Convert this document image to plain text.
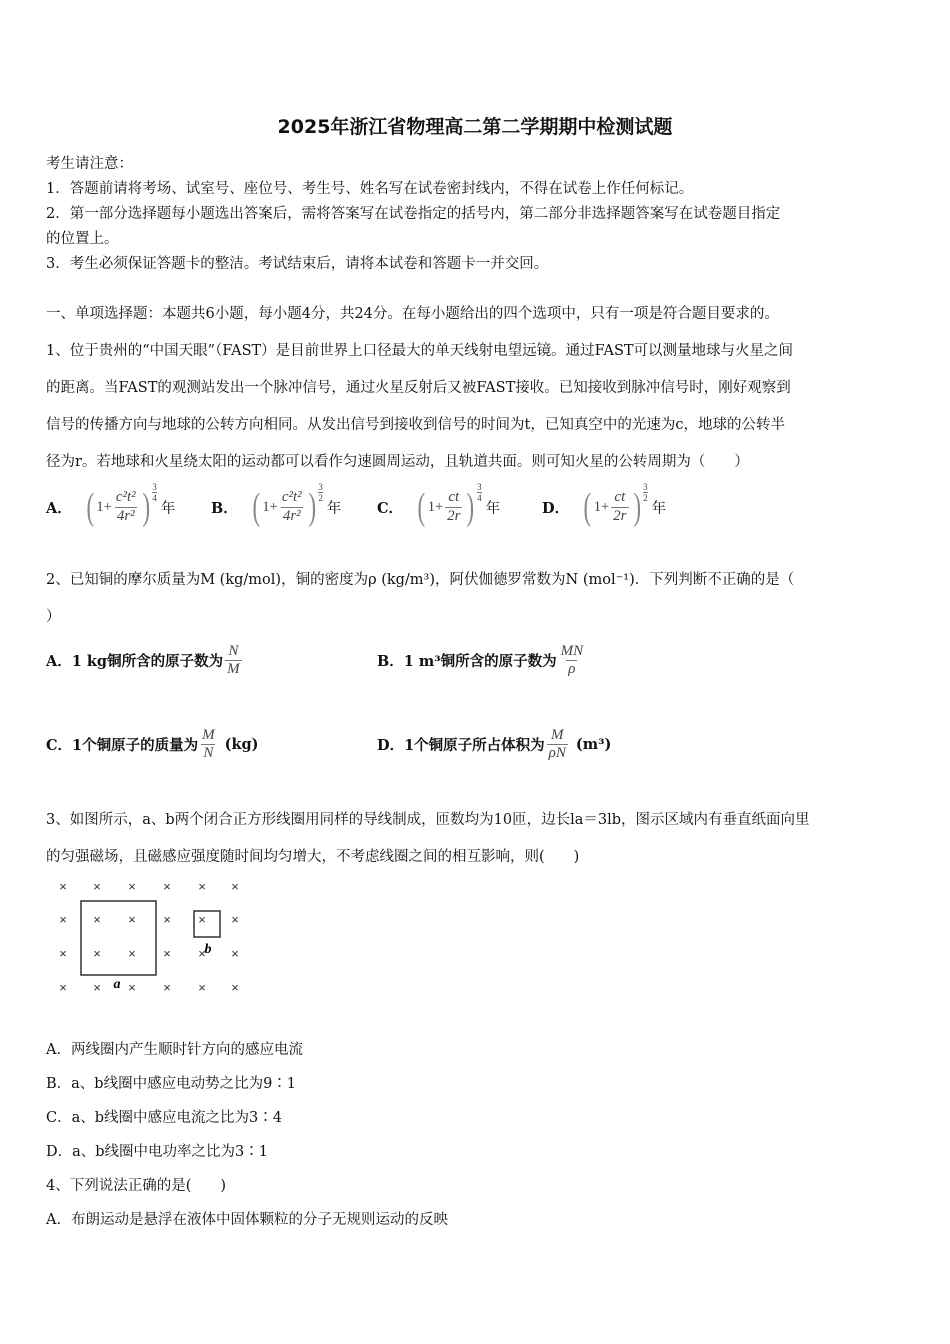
2025年浙江省物理高二第二学期期中检测试题
考生请注意：
1．答题前请将考场、试室号、座位号、考生号、姓名写在试卷密封线内，不得在试卷上作任何标记。
2．第一部分选择题每小题选出答案后，需将答案写在试卷指定的括号内，第二部分非选择题答案写在试卷题目指定
的位置上。
3．考生必须保证答题卡的整洁。考试结束后，请将本试卷和答题卡一并交回。
一、单项选择题：本题共6小题，每小题4分，共24分。在每小题给出的四个选项中，只有一项是符合题目要求的。
1、位于贵州的“中国天眼”（FAST）是目前世界上口径最大的单天线射电望远镜。通过FAST可以测量地球与火星之间
的距离。当FAST的观测站发出一个脉冲信号，通过火星反射后又被FAST接收。已知接收到脉冲信号时，刚好观察到
信号的传播方向与地球的公转方向相同。从发出信号到接收到信号的时间为t，已知真空中的光速为c，地球的公转半
径为r。若地球和火星绕太阳的运动都可以看作匀速圆周运动，且轨道共面。则可知火星的公转周期为（　　）
A． ( $1+ \frac{\text{c²t²}}{\text{4r²}}$ ) 3
4
年 B． ( $1+ \frac{\text{c²t²}}{\text{4r²}}$ ) 3
2
年 C． ( $1+ \frac{ct}{2r}$ ) 3
4
年	D． ( $1+ \frac{ct}{2r}$ ) 3
2
年
2、已知铜的摩尔质量为M (kg/mol)，铜的密度为ρ (kg/m³)，阿伏伽德罗常数为N (mol⁻¹)．下列判断不正确的是（
）
A．1 kg铜所含的原子数为 $\frac{N}{M}$	B．1 m³铜所含的原子数为 $\frac{MN}{\rho}$
C．1个铜原子的质量为 $\frac{M}{N} (kg)$	D．1个铜原子所占体积为 $\frac{M}{\rho N} (m^3)$
3、如图所示，a、b两个闭合正方形线圈用同样的导线制成，匝数均为10匝，边长la＝3lb，图示区域内有垂直纸面向里
的匀强磁场，且磁感应强度随时间均匀增大，不考虑线圈之间的相互影响，则(　　)
× × × × × ×
× × × × × ×
× × × × × ×
× × × × × ×
a
b
A．两线圈内产生顺时针方向的感应电流
B．a、b线圈中感应电动势之比为9∶1
C．a、b线圈中感应电流之比为3∶4
D．a、b线圈中电功率之比为3∶1
4、下列说法正确的是(　　)
A．布朗运动是悬浮在液体中固体颗粒的分子无规则运动的反映
